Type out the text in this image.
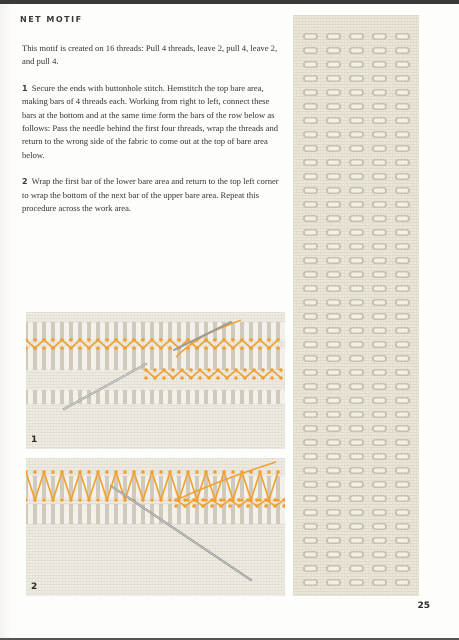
NET MOTIF

This motif is created on 16 threads: Pull 4 threads, leave 2, pull 4, leave 2, and pull 4.

1 Secure the ends with buttonhole stitch. Hemstitch the top bare area, making bars of 4 threads each. Working from right to left, connect these bars at the bottom and at the same time form the bars of the row below as follows: Pass the needle behind the first four threads, wrap the threads and return to the wrong side of the fabric to come out at the top of bare area below.

2 Wrap the first bar of the lower bare area and return to the top left corner to wrap the bottom of the next bar of the upper bare area. Repeat this procedure across the work area.

1
2
25
